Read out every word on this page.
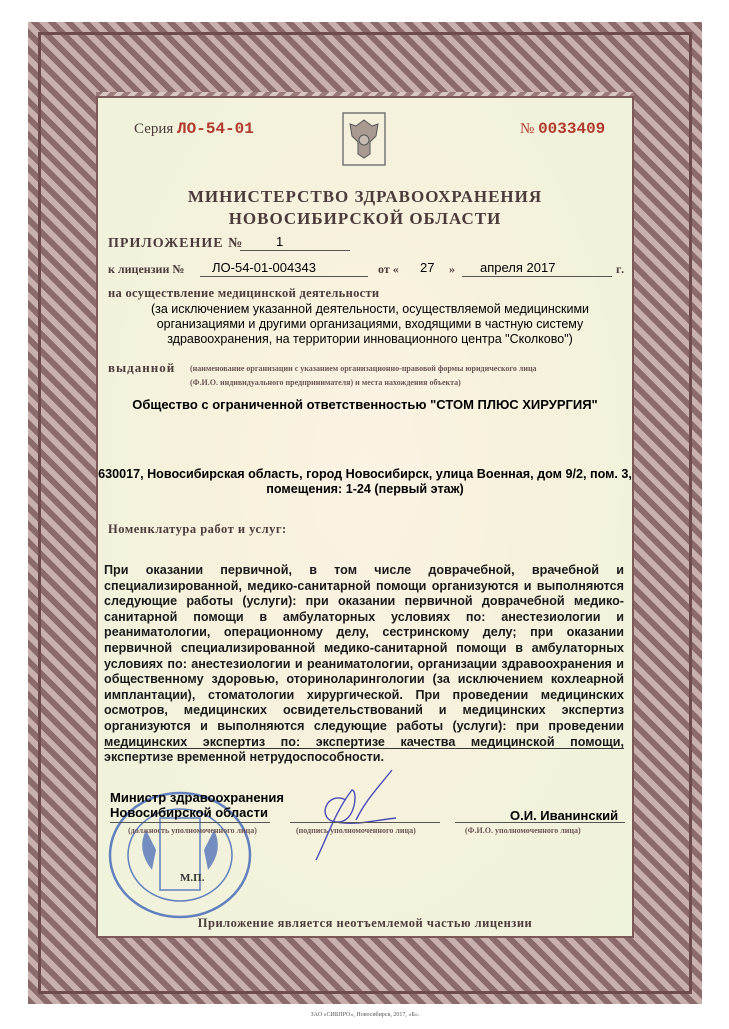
Серия ЛО-54-01	№ 0033409
МИНИСТЕРСТВО ЗДРАВООХРАНЕНИЯ
НОВОСИБИРСКОЙ ОБЛАСТИ
ПРИЛОЖЕНИЕ №	1
к лицензии № ЛО-54-01-004343	от « 27 » апреля 2017	г.
на осуществление медицинской деятельности
(за исключением указанной деятельности, осуществляемой медицинскими организациями и другими организациями, входящими в частную систему здравоохранения, на территории инновационного центра "Сколково")
выданной (наименование организации с указанием организационно-правовой формы юридического лица
(Ф.И.О. индивидуального предпринимателя) и места нахождения объекта)
Общество с ограниченной ответственностью "СТОМ ПЛЮС ХИРУРГИЯ"
630017, Новосибирская область, город Новосибирск, улица Военная, дом 9/2, пом. 3,
помещения: 1-24 (первый этаж)
Номенклатура работ и услуг:
При оказании первичной, в том числе доврачебной, врачебной и специализированной, медико-санитарной помощи организуются и выполняются следующие работы (услуги): при оказании первичной доврачебной медико-санитарной помощи в амбулаторных условиях по: анестезиологии и реаниматологии, операционному делу, сестринскому делу; при оказании первичной специализированной медико-санитарной помощи в амбулаторных условиях по: анестезиологии и реаниматологии, организации здравоохранения и общественному здоровью, оториноларингологии (за исключением кохлеарной имплантации), стоматологии хирургической. При проведении медицинских осмотров, медицинских освидетельствований и медицинских экспертиз организуются и выполняются следующие работы (услуги): при проведении медицинских экспертиз по: экспертизе качества медицинской помощи, экспертизе временной нетрудоспособности.
М.П.
Министр здравоохранения
Новосибирской области
(должность уполномоченного лица)	(подпись уполномоченного лица)
О.И. Иванинский
(Ф.И.О. уполномоченного лица)
Приложение является неотъемлемой частью лицензии
ЗАО «СИБПРО», Новосибирск, 2017, «Б».
